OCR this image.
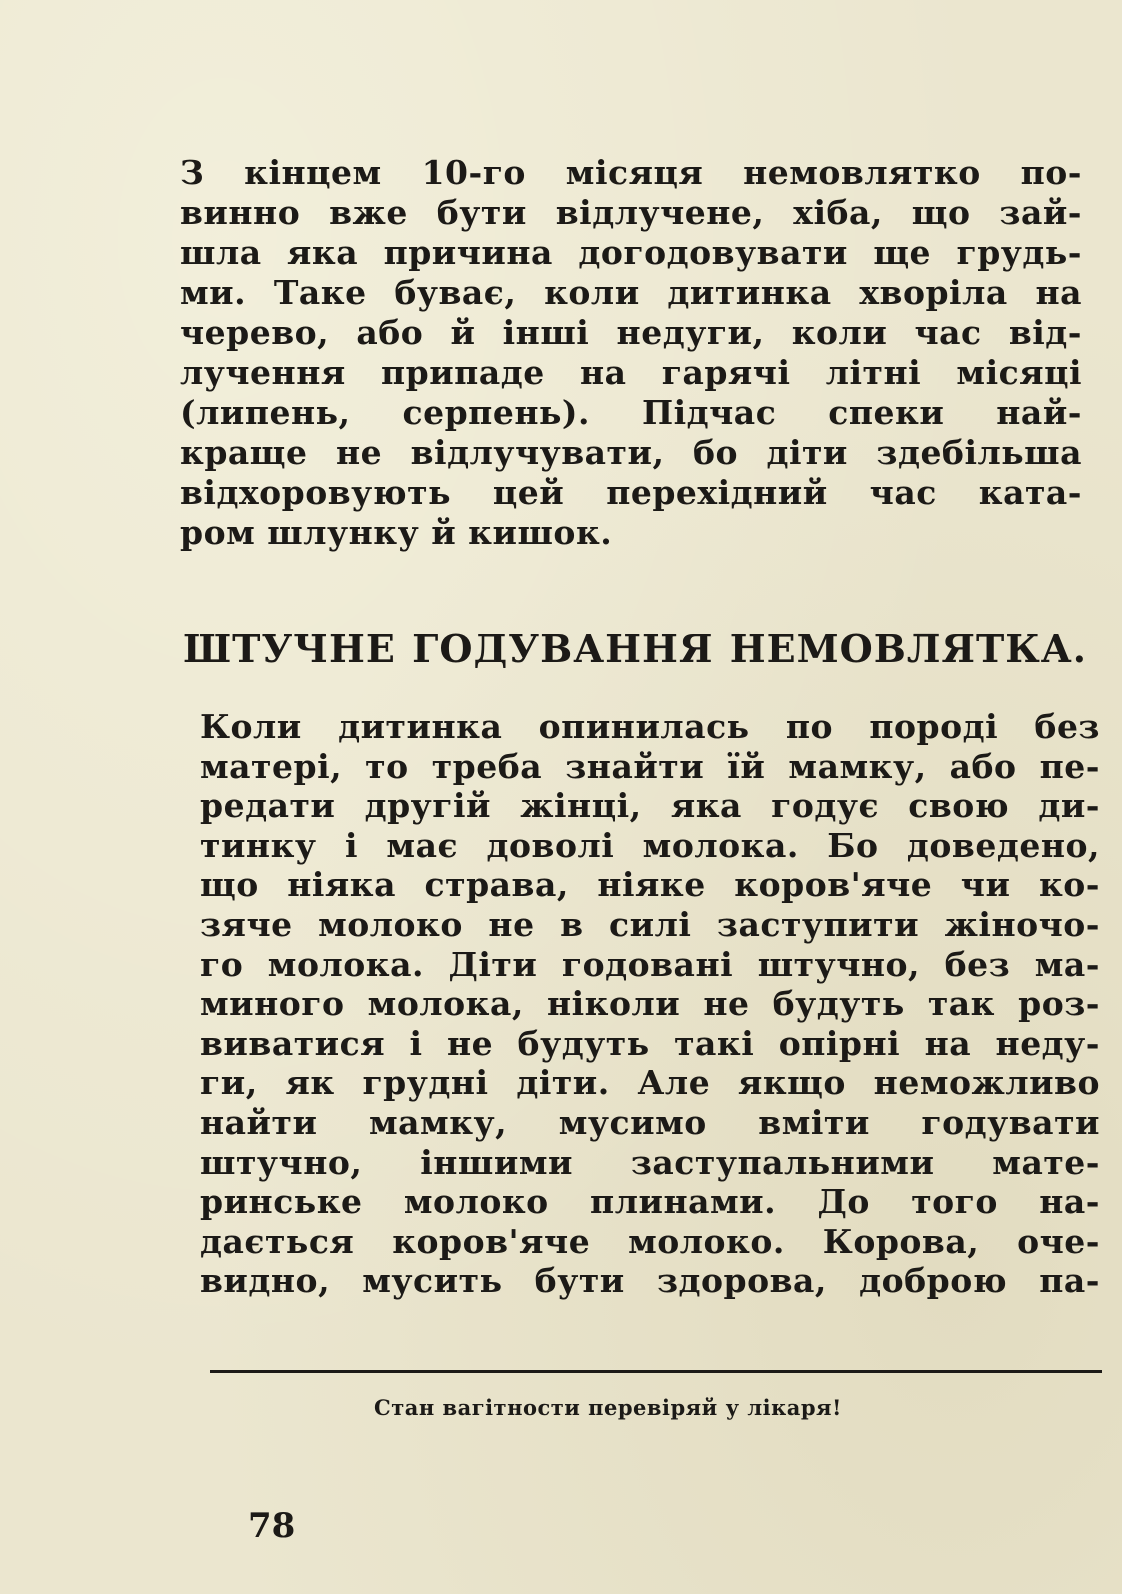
З кінцем 10-го місяця немовлятко по-
винно вже бути відлучене, хіба, що зай-
шла яка причина догодовувати ще грудь-
ми. Таке буває, коли дитинка хворіла на
черево, або й інші недуги, коли час від-
лучення припаде на гарячі літні місяці
(липень, серпень). Підчас спеки най-
краще не відлучувати, бо діти здебільша
відхоровують цей перехідний час ката-
ром шлунку й кишок.
ШТУЧНЕ ГОДУВАННЯ НЕМОВЛЯТКА.
Коли дитинка опинилась по породі без
матері, то треба знайти їй мамку, або пе-
редати другій жінці, яка годує свою ди-
тинку і має доволі молока. Бо доведено,
що ніяка страва, ніяке коров'яче чи ко-
зяче молоко не в силі заступити жіночо-
го молока. Діти годовані штучно, без ма-
миного молока, ніколи не будуть так роз-
виватися і не будуть такі опірні на неду-
ги, як грудні діти. Але якщо неможливо
найти мамку, мусимо вміти годувати
штучно, іншими заступальними мате-
ринське молоко плинами. До того на-
дається коров'яче молоко. Корова, оче-
видно, мусить бути здорова, доброю па-
Стан вагітности перевіряй у лікаря!
78
